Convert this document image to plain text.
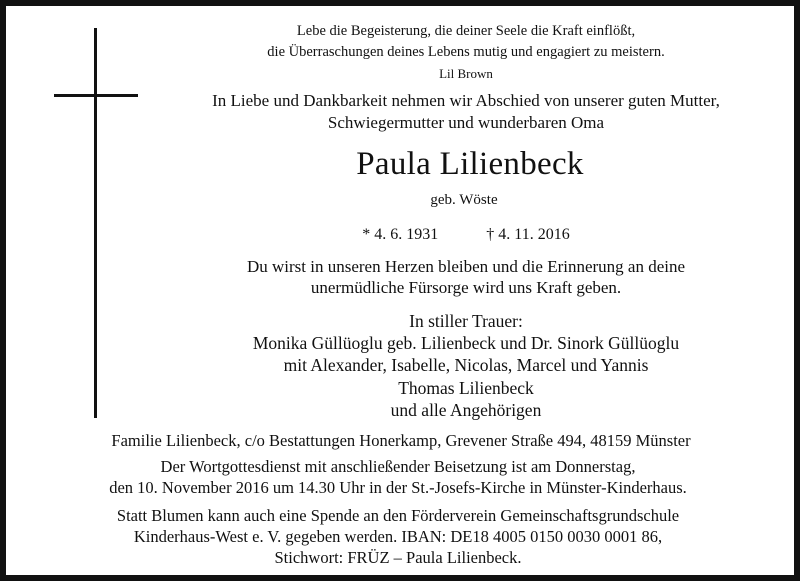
Lebe die Begeisterung, die deiner Seele die Kraft einflößt,
die Überraschungen deines Lebens mutig und engagiert zu meistern.
Lil Brown
In Liebe und Dankbarkeit nehmen wir Abschied von unserer guten Mutter,
Schwiegermutter und wunderbaren Oma
Paula Lilienbeck
geb. Wöste
* 4. 6. 1931	† 4. 11. 2016
Du wirst in unseren Herzen bleiben und die Erinnerung an deine
unermüdliche Fürsorge wird uns Kraft geben.
In stiller Trauer:
Monika Güllüoglu geb. Lilienbeck und Dr. Sinork Güllüoglu
mit Alexander, Isabelle, Nicolas, Marcel und Yannis
Thomas Lilienbeck
und alle Angehörigen
Familie Lilienbeck, c/o Bestattungen Honerkamp, Grevener Straße 494, 48159 Münster
Der Wortgottesdienst mit anschließender Beisetzung ist am Donnerstag,
den 10. November 2016 um 14.30 Uhr in der St.-Josefs-Kirche in Münster-Kinderhaus.
Statt Blumen kann auch eine Spende an den Förderverein Gemeinschaftsgrundschule
Kinderhaus-West e. V. gegeben werden. IBAN: DE18 4005 0150 0030 0001 86,
Stichwort: FRÜZ – Paula Lilienbeck.
